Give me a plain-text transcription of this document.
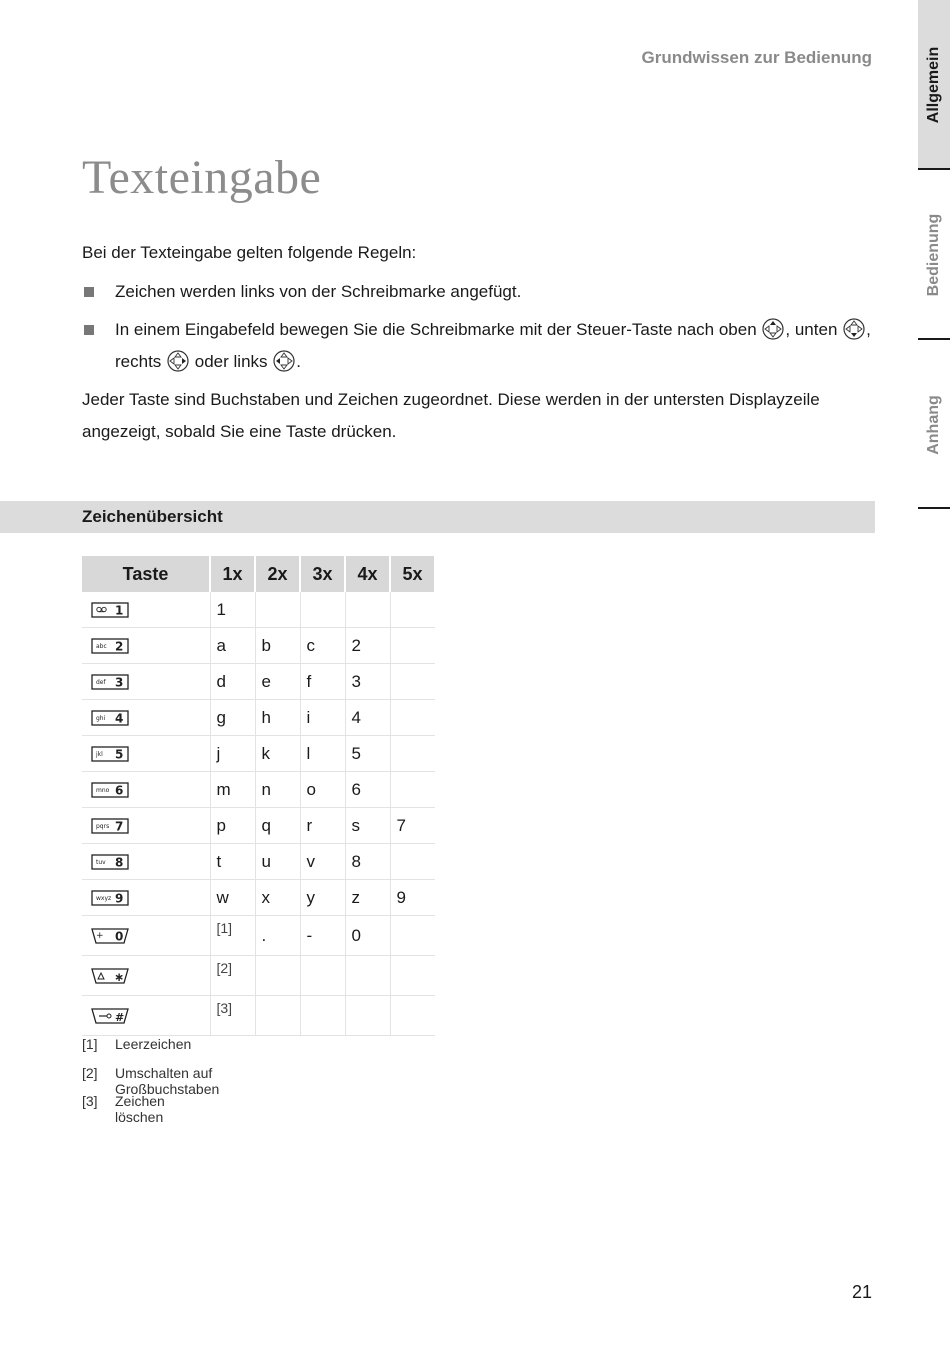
Grundwissen zur Bedienung	Allgemein
Bedienung
Anhang
Texteingabe
Bei der Texteingabe gelten folgende Regeln:
Zeichen werden links von der Schreibmarke angefügt.
In einem Eingabefeld bewegen Sie die Schreibmarke mit der Steuer-Taste nach oben , unten ,
rechts oder links .
Jeder Taste sind Buchstaben und Zeichen zugeordnet. Diese werden in der untersten Displayzeile angezeigt, sobald Sie eine Taste drücken.
Zeichenübersicht
Taste	1x	2x	3x	4x	5x

1	1				

abc 2	a	b	c	2	

def 3	d	e	f	3	

ghi 4	g	h	i	4	

jkl 5	j	k	l	5	

mno 6	m	n	o	6	

pqrs 7	p	q	r	s	7

tuv 8	t	u	v	8	

wxyz 9	w	x	y	z	9

+ 0	[1]	.	-	0	

∗	[2]				

#	[3]				
[1] Leerzeichen
[2] Umschalten auf Großbuchstaben
[3] Zeichen löschen
21
